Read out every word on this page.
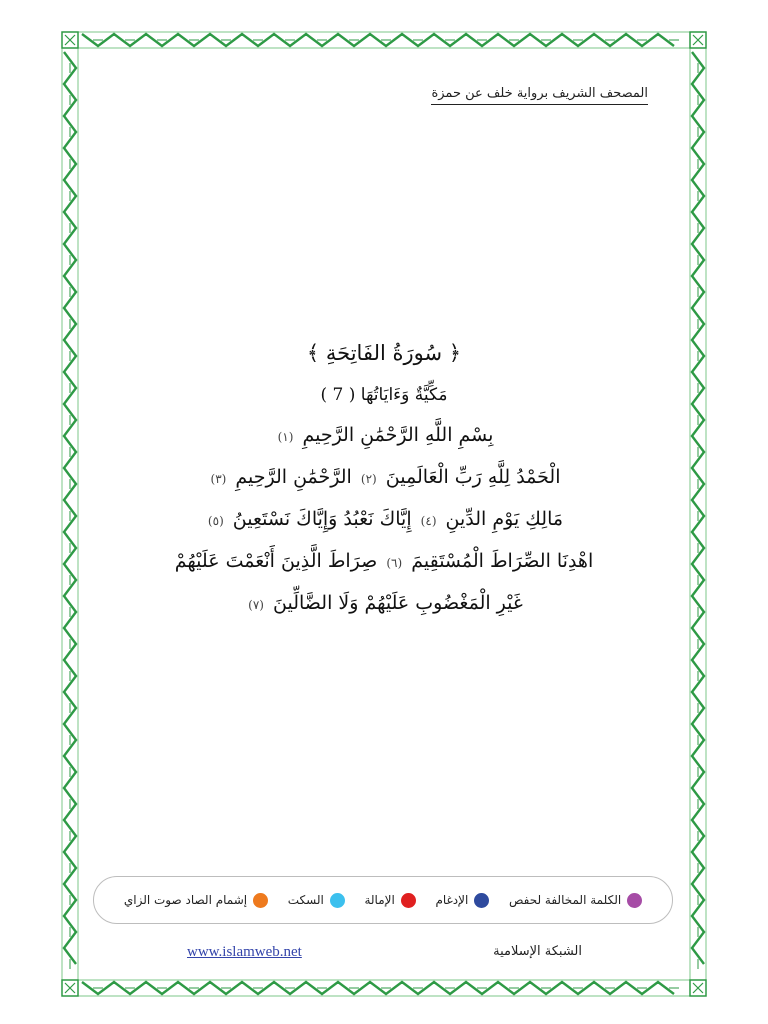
المصحف الشريف برواية خلف عن حمزة
﴿ سُورَةُ الفَاتِحَةِ ﴾
مَكِّيَّةٌ وَءَايَاتُهَا ( 7 )
بِسْمِ اللَّهِ الرَّحْمَٰنِ الرَّحِيمِ (١)
الْحَمْدُ لِلَّهِ رَبِّ الْعَالَمِينَ (٢) الرَّحْمَٰنِ الرَّحِيمِ (٣)
مَالِكِ يَوْمِ الدِّينِ (٤) إِيَّاكَ نَعْبُدُ وَإِيَّاكَ نَسْتَعِينُ (٥)
اهْدِنَا الصِّرَاطَ الْمُسْتَقِيمَ (٦) صِرَاطَ الَّذِينَ أَنْعَمْتَ عَلَيْهُمْ
غَيْرِ الْمَغْضُوبِ عَلَيْهُمْ وَلَا الضَّالِّينَ (٧)
الكلمة المخالفة لحفص
الإدغام
الإمالة
السكت
إشمام الصاد صوت الزاي
www.islamweb.net	الشبكة الإسلامية
